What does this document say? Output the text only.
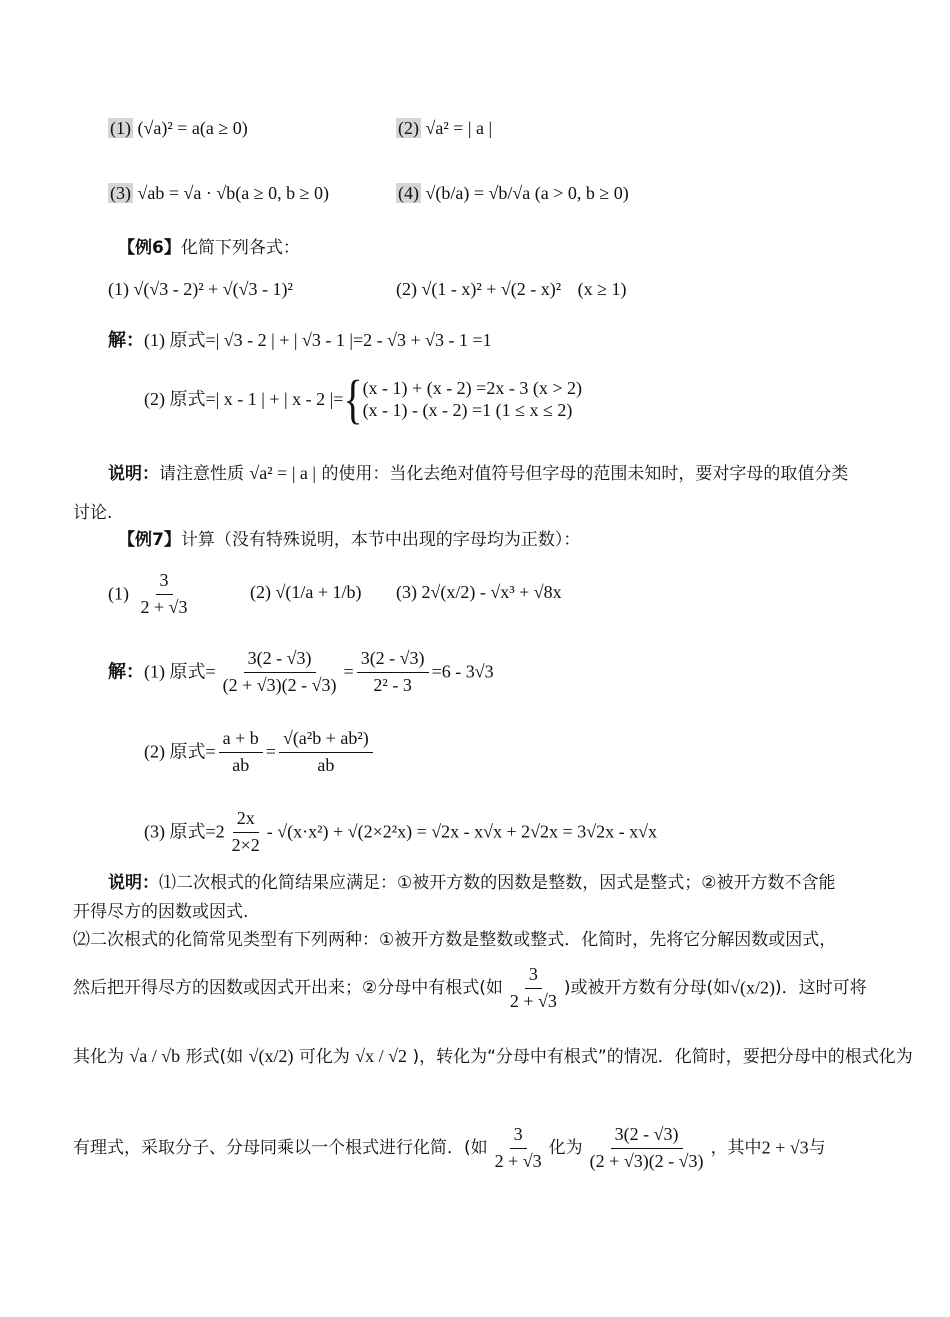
(1) (√a)² = a(a ≥ 0)	(2) √a² = | a |
(3) √ab = √a · √b(a ≥ 0, b ≥ 0)	(4) √(b/a) = √b/√a (a > 0, b ≥ 0)
【例6】化简下列各式：
(1) √(√3 - 2)² + √(√3 - 1)²	(2) √(1 - x)² + √(2 - x)² (x ≥ 1)
解：(1) 原式=| √3 - 2 | + | √3 - 1 |=2 - √3 + √3 - 1 =1
(2) 原式=| x - 1 | + | x - 2 |={ (x - 1) + (x - 2) =2x - 3 (x > 2)
(x - 1) - (x - 2) =1 (1 ≤ x ≤ 2)
说明：请注意性质 √a² = | a | 的使用：当化去绝对值符号但字母的范围未知时，要对字母的取值分类
讨论.
【例7】计算（没有特殊说明，本节中出现的字母均为正数）：
$(1) \frac{3}{2 + √3}$	(2) √(1/a + 1/b) (3) 2√(x/2) - √x³ + √8x
解：(1) 原式= $\frac{3(2 - √3)}{(2 + √3)(2 - √3)} = \frac{3(2 - √3)}{\text{2² - 3}} =6 - 3√3$
(2) 原式= $\frac{a + b}{ab} = \frac{\text{√(a²b + ab²)}}{ab}$
(3) 原式$=2 \frac{2x}{2\times 2} - √(x\cdot x^2) + √(2\times 2^2x) = √2x - x√x + 2√2x = 3√2x - x√x$
说明：⑴二次根式的化简结果应满足：①被开方数的因数是整数，因式是整式；②被开方数不含能
开得尽方的因数或因式.
⑵二次根式的化简常见类型有下列两种：①被开方数是整数或整式．化简时，先将它分解因数或因式，
然后把开得尽方的因数或因式开出来；②分母中有根式(如 $\frac{3}{2 + √3}$ )或被开方数有分母(如√(x/2))．这时可将
其化为 √a / √b 形式(如 √(x/2) 可化为 √x / √2 )，转化为“分母中有根式”的情况．化简时，要把分母中的根式化为
有理式，采取分子、分母同乘以一个根式进行化简．(如 $\frac{3}{2 + √3}$ 化为 $\frac{3(2 - √3)}{(2 + √3)(2 - √3)}$ ，其中2 + √3与
